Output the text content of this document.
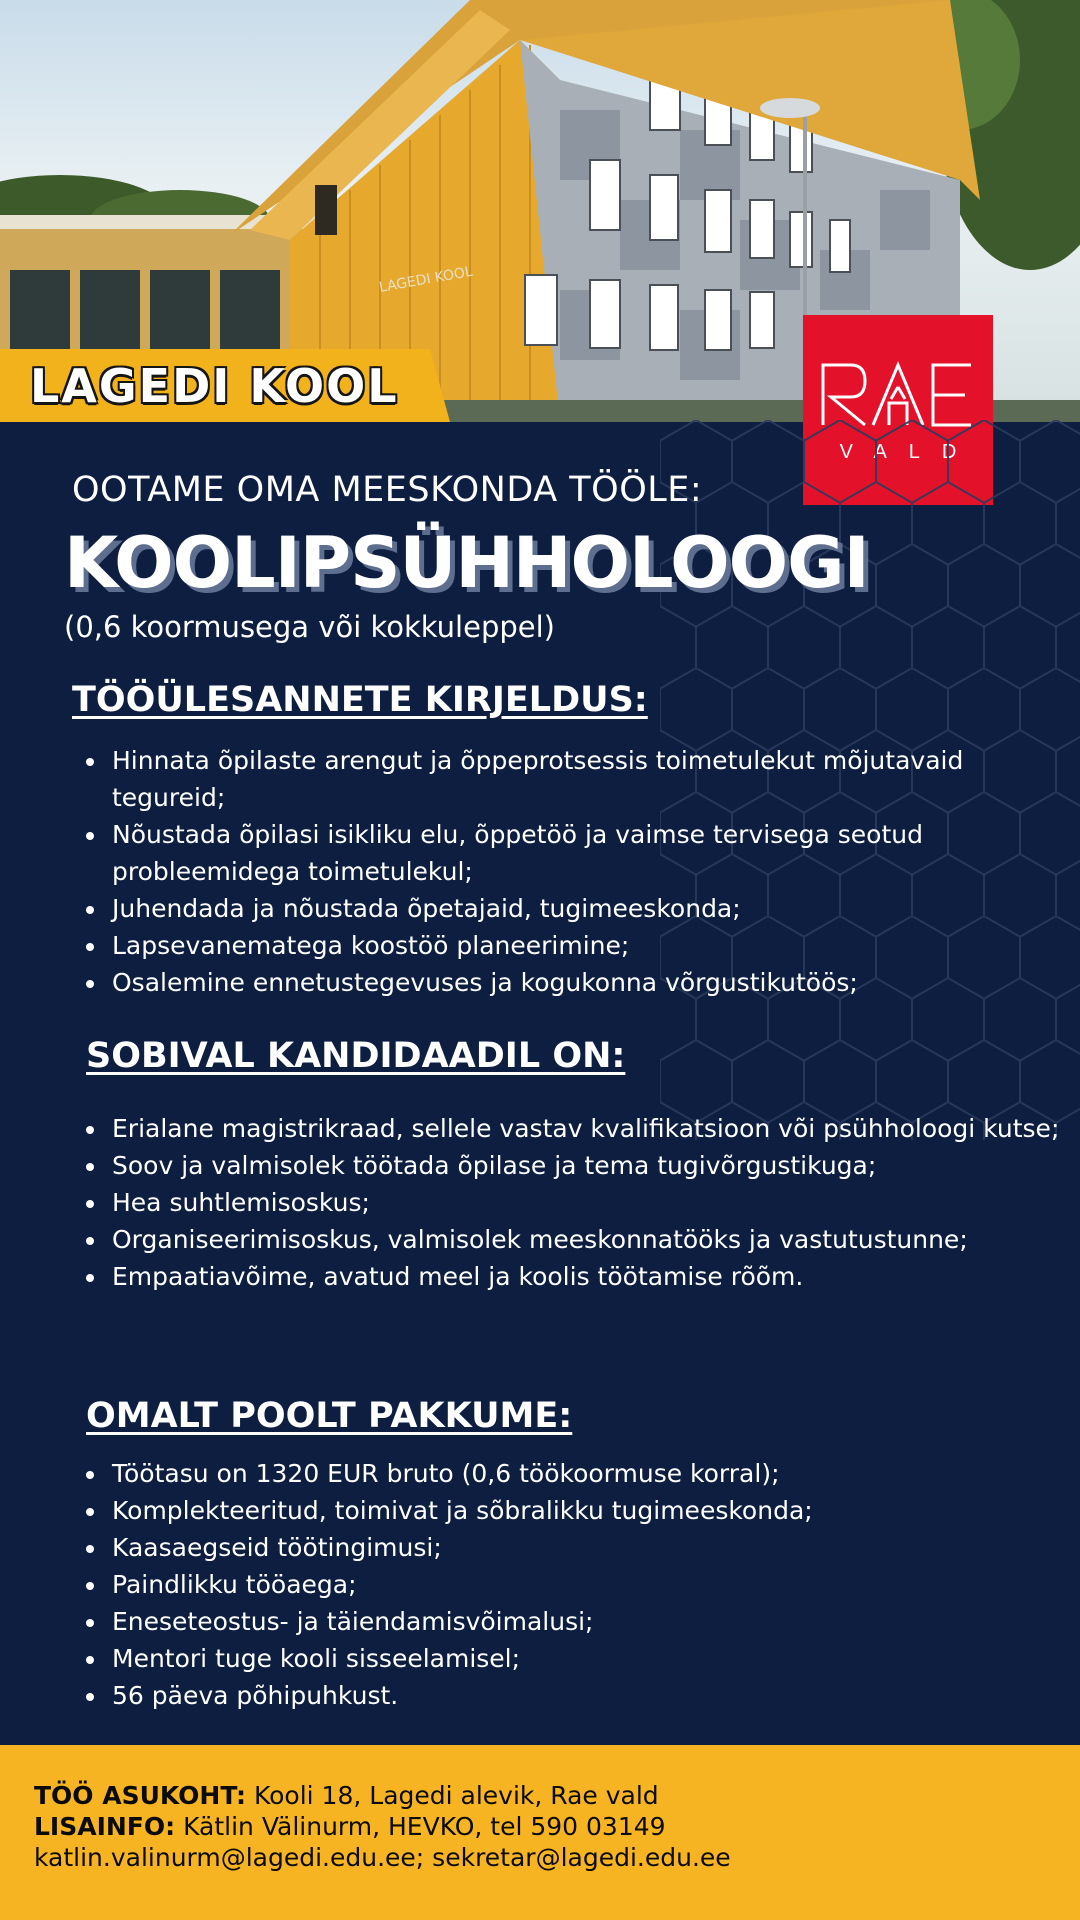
LAGEDI KOOL
LAGEDI KOOL
OOTAME OMA MEESKONDA TÖÖLE:
KOOLIPSÜHHOLOOGI
(0,6 koormusega või kokkuleppel)
TÖÖÜLESANNETE KIRJELDUS:
• Hinnata õpilaste arengut ja õppeprotsessis toimetulekut mõjutavaid tegureid;
• Nõustada õpilasi isikliku elu, õppetöö ja vaimse tervisega seotud probleemidega toimetulekul;
• Juhendada ja nõustada õpetajaid, tugimeeskonda;
• Lapsevanematega koostöö planeerimine;
• Osalemine ennetustegevuses ja kogukonna võrgustikutöös;
SOBIVAL KANDIDAADIL ON:
• Erialane magistrikraad, sellele vastav kvalifikatsioon või psühholoogi kutse;
• Soov ja valmisolek töötada õpilase ja tema tugivõrgustikuga;
• Hea suhtlemisoskus;
• Organiseerimisoskus, valmisolek meeskonnatööks ja vastutustunne;
• Empaatiavõime, avatud meel ja koolis töötamise rõõm.
OMALT POOLT PAKKUME:
• Töötasu on 1320 EUR bruto (0,6 töökoormuse korral);
• Komplekteeritud, toimivat ja sõbralikku tugimeeskonda;
• Kaasaegseid töötingimusi;
• Paindlikku tööaega;
• Eneseteostus- ja täiendamisvõimalusi;
• Mentori tuge kooli sisseelamisel;
• 56 päeva põhipuhkust.
TÖÖ ASUKOHT: Kooli 18, Lagedi alevik, Rae vald
LISAINFO: Kätlin Välinurm, HEVKO, tel 590 03149
katlin.valinurm@lagedi.edu.ee; sekretar@lagedi.edu.ee
